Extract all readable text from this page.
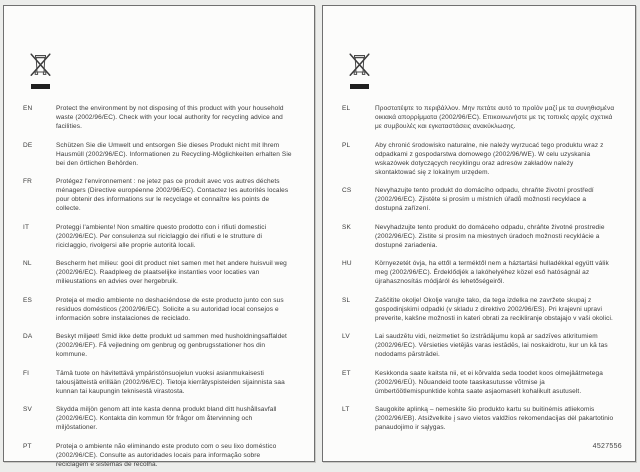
EN	Protect the environment by not disposing of this product with your household waste (2002/96/EC). Check with your local authority for recycling advice and facilities.

DE	Schützen Sie die Umwelt und entsorgen Sie dieses Produkt nicht mit Ihrem Hausmüll (2002/96/EC). Informationen zu Recycling-Möglichkeiten erhalten Sie bei den örtlichen Behörden.

FR	Protégez l'environnement : ne jetez pas ce produit avec vos autres déchets ménagers (Directive européenne 2002/96/EC). Contactez les autorités locales pour obtenir des informations sur le recyclage et connaître les points de collecte.

IT	Proteggi l'ambiente! Non smaltire questo prodotto con i rifiuti domestici (2002/96/EC). Per consulenza sul riciclaggio dei rifiuti e le strutture di riciclaggio, rivolgersi alle proprie autorità locali.

NL	Bescherm het milieu: gooi dit product niet samen met het andere huisvuil weg (2002/96/EC). Raadpleeg de plaatselijke instanties voor locaties van milieustations en advies over hergebruik.

ES	Proteja el medio ambiente no deshaciéndose de este producto junto con sus residuos domésticos (2002/96/EC). Solicite a su autoridad local consejos e información sobre instalaciones de reciclado.

DA	Beskyt miljøet! Smid ikke dette produkt ud sammen med husholdningsaffaldet (2002/96/EF). Få vejledning om genbrug og genbrugsstationer hos din kommune.

FI	Tämä tuote on hävitettävä ympäristönsuojelun vuoksi asianmukaisesti talousjätteistä erillään (2002/96/EC). Tietoja kierrätyspisteiden sijainnista saa kunnan tai kaupungin teknisestä virastosta.

SV	Skydda miljön genom att inte kasta denna produkt bland ditt hushållsavfall (2002/96/EC). Kontakta din kommun för frågor om återvinning och miljöstationer.

PT	Proteja o ambiente não eliminando este produto com o seu lixo doméstico (2002/96/CE). Consulte as autoridades locais para informação sobre reciclagem e sistemas de recolha.

EL	Προστατέψτε το περιβάλλον. Μην πετάτε αυτό το προϊόν μαζί με τα συνηθισμένα οικιακά απορρίμματα (2002/96/EC). Επικοινωνήστε με τις τοπικές αρχές σχετικά με συμβουλές και εγκαταστάσεις ανακύκλωσης.

PL	Aby chronić środowisko naturalne, nie należy wyrzucać tego produktu wraz z odpadkami z gospodarstwa domowego (2002/96/WE). W celu uzyskania wskazówek dotyczących recyklingu oraz adresów zakładów należy skontaktować się z lokalnym urzędem.

CS	Nevyhazujte tento produkt do domácího odpadu, chraňte životní prostředí (2002/96/EC). Zjistěte si prosím u místních úřadů možnosti recyklace a dostupná zařízení.

SK	Nevyhadzujte tento produkt do domáceho odpadu, chráňte životné prostredie (2002/96/EC). Zistite si prosím na miestnych úradoch možnosti recyklácie a dostupné zariadenia.

HU	Környezetét óvja, ha ettől a terméktől nem a háztartási hulladékkal együtt válik meg (2002/96/EC). Érdeklődjék a lakóhelyéhez közel eső hatóságnál az újrahasznosítás módjáról és lehetőségeiről.

SL	Zaščitite okolje! Okolje varujte tako, da tega izdelka ne zavržete skupaj z gospodinjskimi odpadki (v skladu z direktivo 2002/96/ES). Pri krajevni upravi preverite, kakšne možnosti in kateri obrati za recikliranje obstajajo v vaši okolici.

LV	Lai saudzētu vidi, neizmetiet šo izstrādājumu kopā ar sadzīves atkritumiem (2002/96/EC). Vērsieties vietējās varas iestādēs, lai noskaidrotu, kur un kā tas nododams pārstrādei.

ET	Keskkonda saate kaitsta nii, et ei kõrvalda seda toodet koos olmejäätmetega (2002/96/EÜ). Nõuandeid toote taaskasutusse võtmise ja ümbertöötlemispunktide kohta saate asjaomaselt kohalikult asutuselt.

LT	Saugokite aplinką – nemeskite šio produkto kartu su buitinėmis atliekomis (2002/96/EB). Atsižvelkite į savo vietos valdžios rekomendacijas dėl pakartotinio panaudojimo ir sąlygas.

4527556
